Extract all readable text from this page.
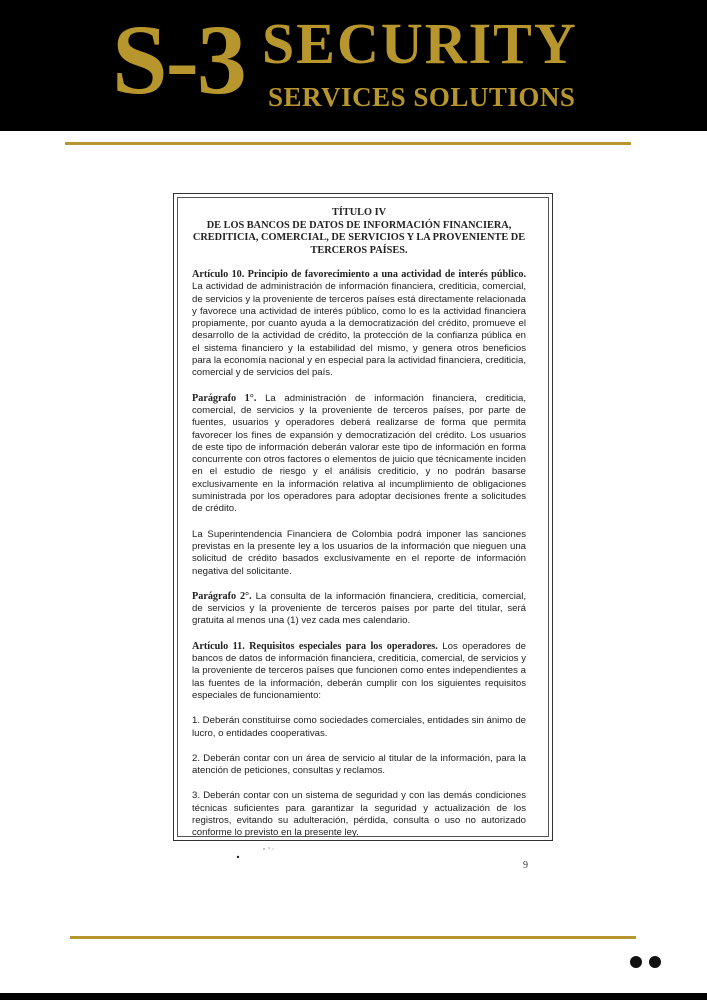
S-3 SECURITY
SERVICES SOLUTIONS
TÍTULO IV
DE LOS BANCOS DE DATOS DE INFORMACIÓN FINANCIERA, CREDITICIA, COMERCIAL, DE SERVICIOS Y LA PROVENIENTE DE TERCEROS PAÍSES.

Artículo 10. Principio de favorecimiento a una actividad de interés público. La actividad de administración de información financiera, crediticia, comercial, de servicios y la proveniente de terceros países está directamente relacionada y favorece una actividad de interés público, como lo es la actividad financiera propiamente, por cuanto ayuda a la democratización del crédito, promueve el desarrollo de la actividad de crédito, la protección de la confianza pública en el sistema financiero y la estabilidad del mismo, y genera otros beneficios para la economía nacional y en especial para la actividad financiera, crediticia, comercial y de servicios del país.

Parágrafo 1°. La administración de información financiera, crediticia, comercial, de servicios y la proveniente de terceros países, por parte de fuentes, usuarios y operadores deberá realizarse de forma que permita favorecer los fines de expansión y democratización del crédito. Los usuarios de este tipo de información deberán valorar este tipo de información en forma concurrente con otros factores o elementos de juicio que técnicamente inciden en el estudio de riesgo y el análisis crediticio, y no podrán basarse exclusivamente en la información relativa al incumplimiento de obligaciones suministrada por los operadores para adoptar decisiones frente a solicitudes de crédito.

La Superintendencia Financiera de Colombia podrá imponer las sanciones previstas en la presente ley a los usuarios de la información que nieguen una solicitud de crédito basados exclusivamente en el reporte de información negativa del solicitante.

Parágrafo 2°. La consulta de la información financiera, crediticia, comercial, de servicios y la proveniente de terceros países por parte del titular, será gratuita al menos una (1) vez cada mes calendario.

Artículo 11. Requisitos especiales para los operadores. Los operadores de bancos de datos de información financiera, crediticia, comercial, de servicios y la proveniente de terceros países que funcionen como entes independientes a las fuentes de la información, deberán cumplir con los siguientes requisitos especiales de funcionamiento:

1. Deberán constituirse como sociedades comerciales, entidades sin ánimo de lucro, o entidades cooperativas.

2. Deberán contar con un área de servicio al titular de la información, para la atención de peticiones, consultas y reclamos.

3. Deberán contar con un sistema de seguridad y con las demás condiciones técnicas suficientes para garantizar la seguridad y actualización de los registros, evitando su adulteración, pérdida, consulta o uso no autorizado conforme lo previsto en la presente ley.

9
